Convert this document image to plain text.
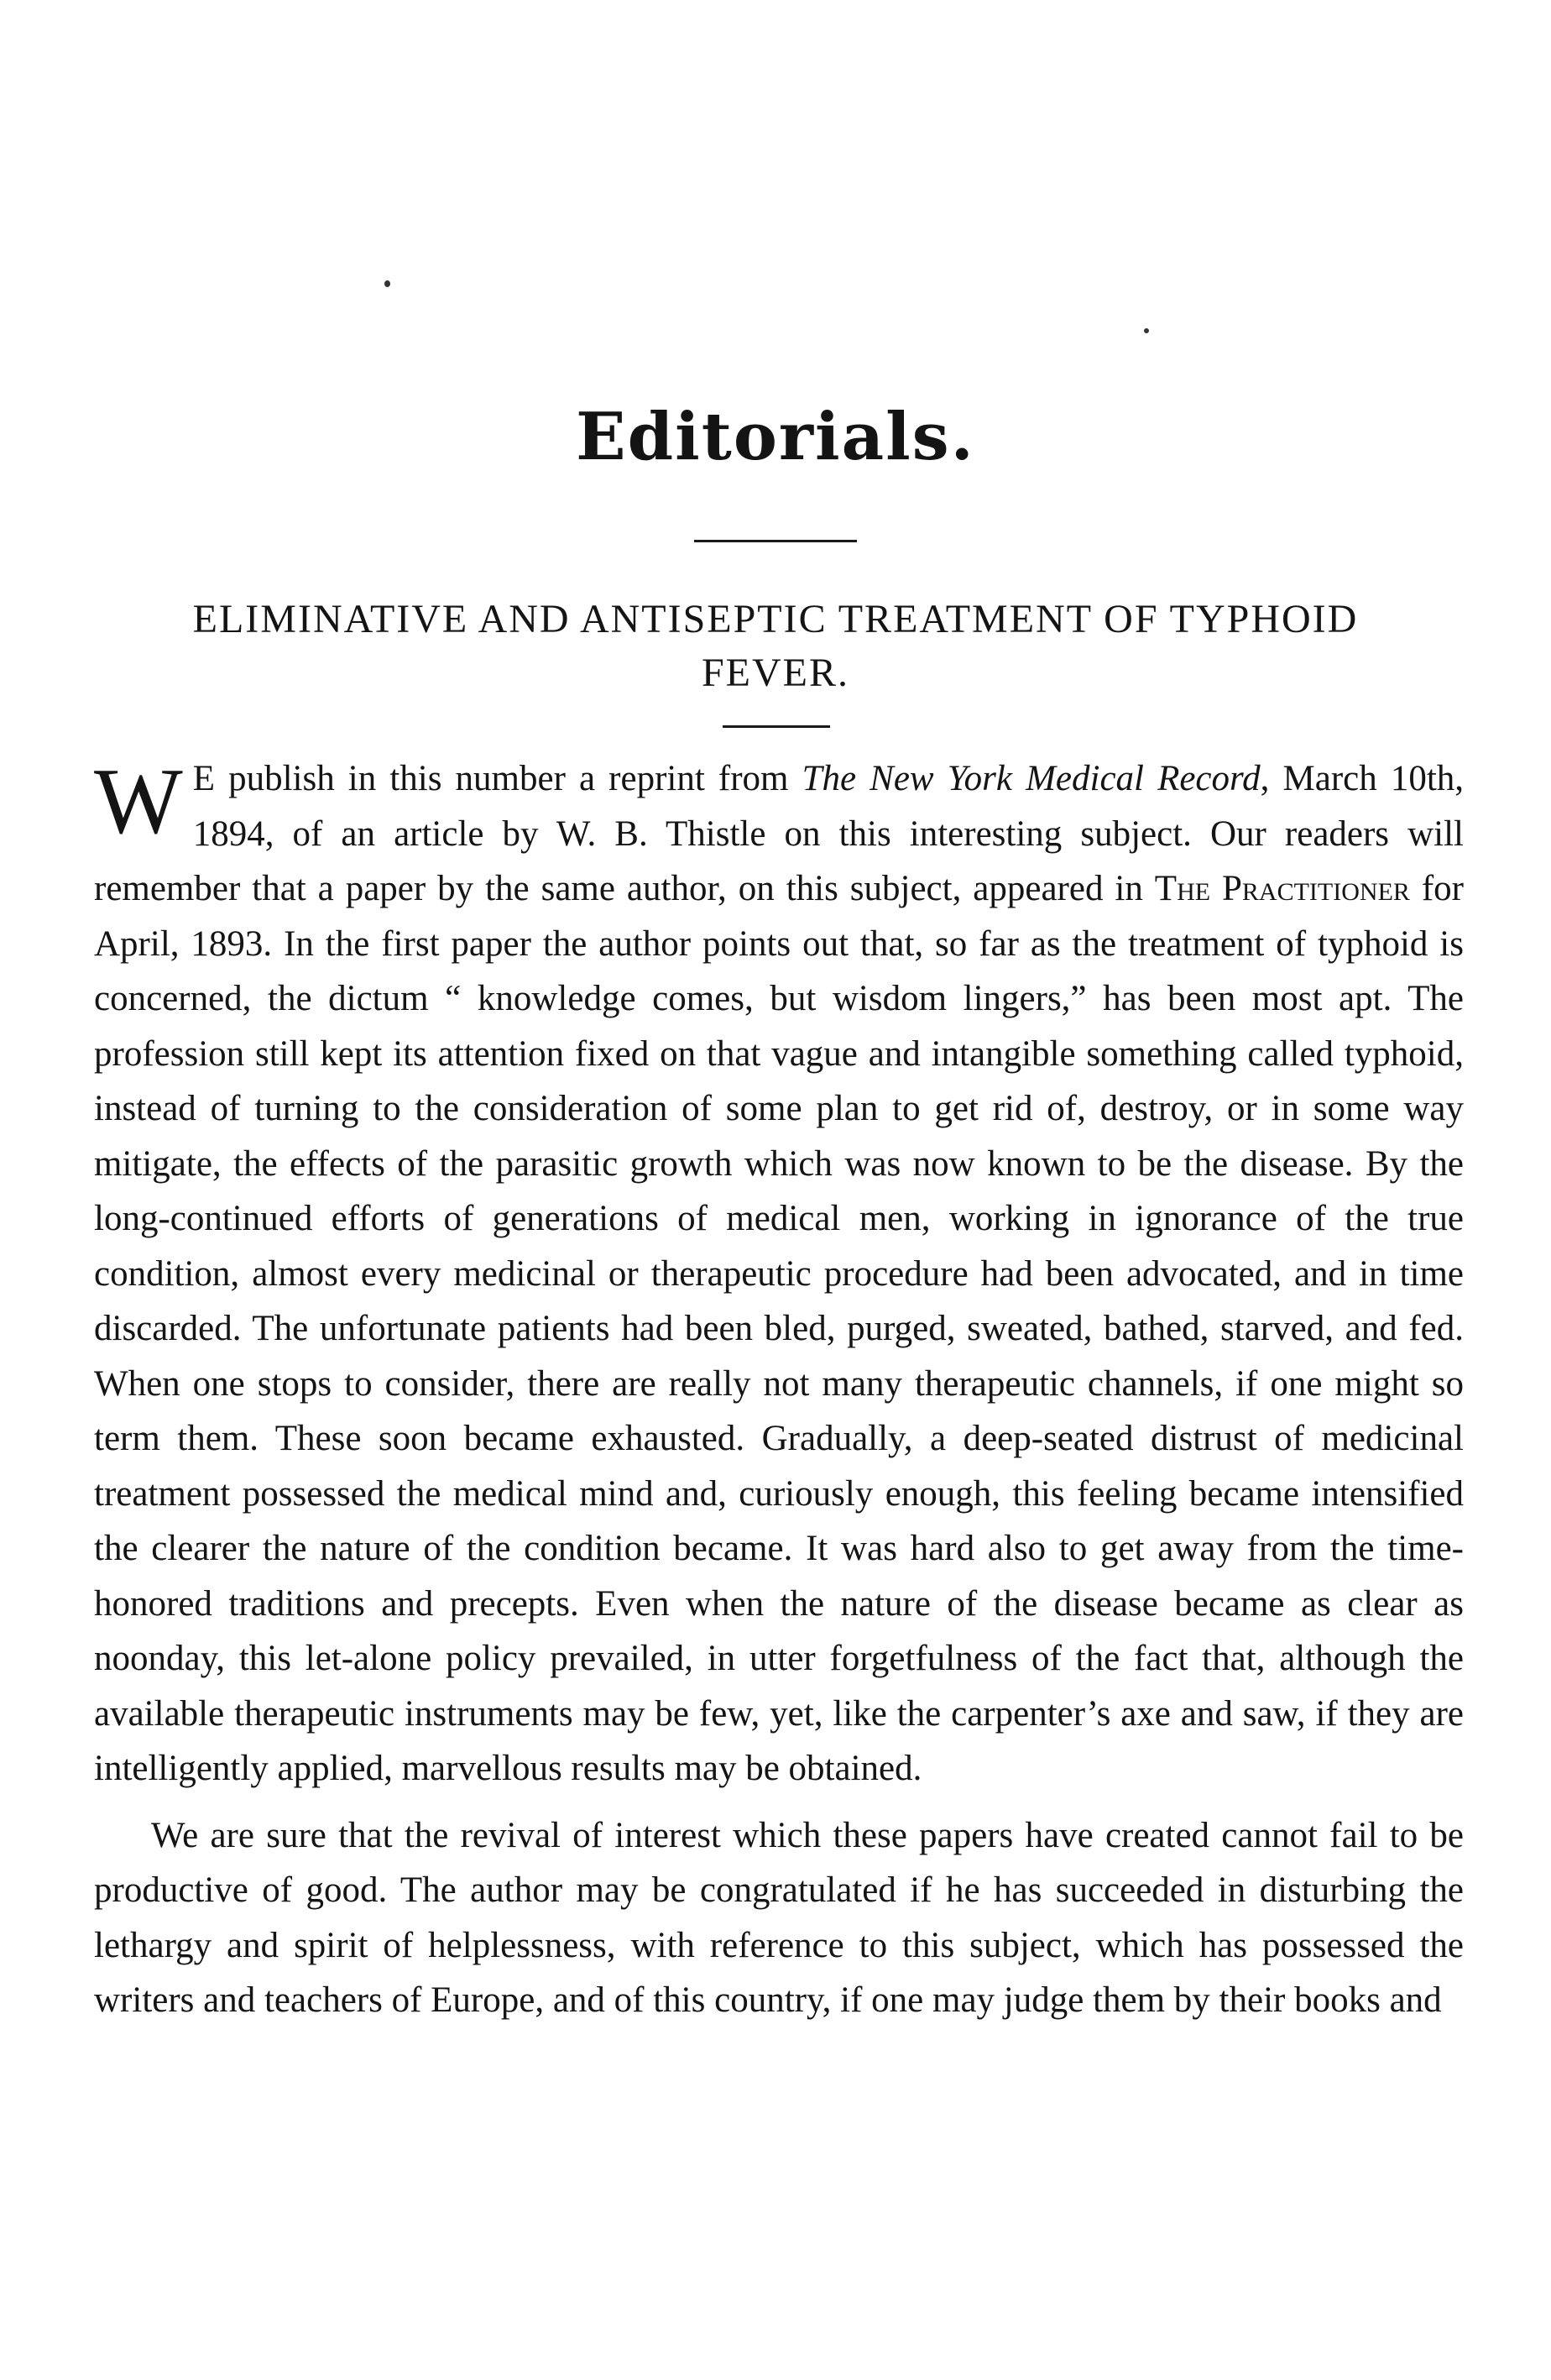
Editorials.
ELIMINATIVE AND ANTISEPTIC TREATMENT OF TYPHOID FEVER.

W E publish in this number a reprint from The New York Medical Record, March 10th, 1894, of an article by W. B. Thistle on this interesting subject. Our readers will remember that a paper by the same author, on this subject, appeared in The Practitioner for April, 1893. In the first paper the author points out that, so far as the treatment of typhoid is concerned, the dictum “ knowledge comes, but wisdom lingers,” has been most apt. The profession still kept its attention fixed on that vague and intangible something called typhoid, instead of turning to the consideration of some plan to get rid of, destroy, or in some way mitigate, the effects of the parasitic growth which was now known to be the disease. By the long-continued efforts of generations of medical men, working in ignorance of the true condition, almost every medicinal or therapeutic procedure had been advocated, and in time discarded. The unfortunate patients had been bled, purged, sweated, bathed, starved, and fed. When one stops to consider, there are really not many therapeutic channels, if one might so term them. These soon became exhausted. Gradually, a deep-seated distrust of medicinal treatment possessed the medical mind and, curiously enough, this feeling became intensified the clearer the nature of the condition became. It was hard also to get away from the time-honored traditions and precepts. Even when the nature of the disease became as clear as noonday, this let-alone policy prevailed, in utter forgetfulness of the fact that, although the available therapeutic instruments may be few, yet, like the carpenter’s axe and saw, if they are intelligently applied, marvellous results may be obtained.

We are sure that the revival of interest which these papers have created cannot fail to be productive of good. The author may be congratulated if he has succeeded in disturbing the lethargy and spirit of helplessness, with reference to this subject, which has possessed the writers and teachers of Europe, and of this country, if one may judge them by their books and
